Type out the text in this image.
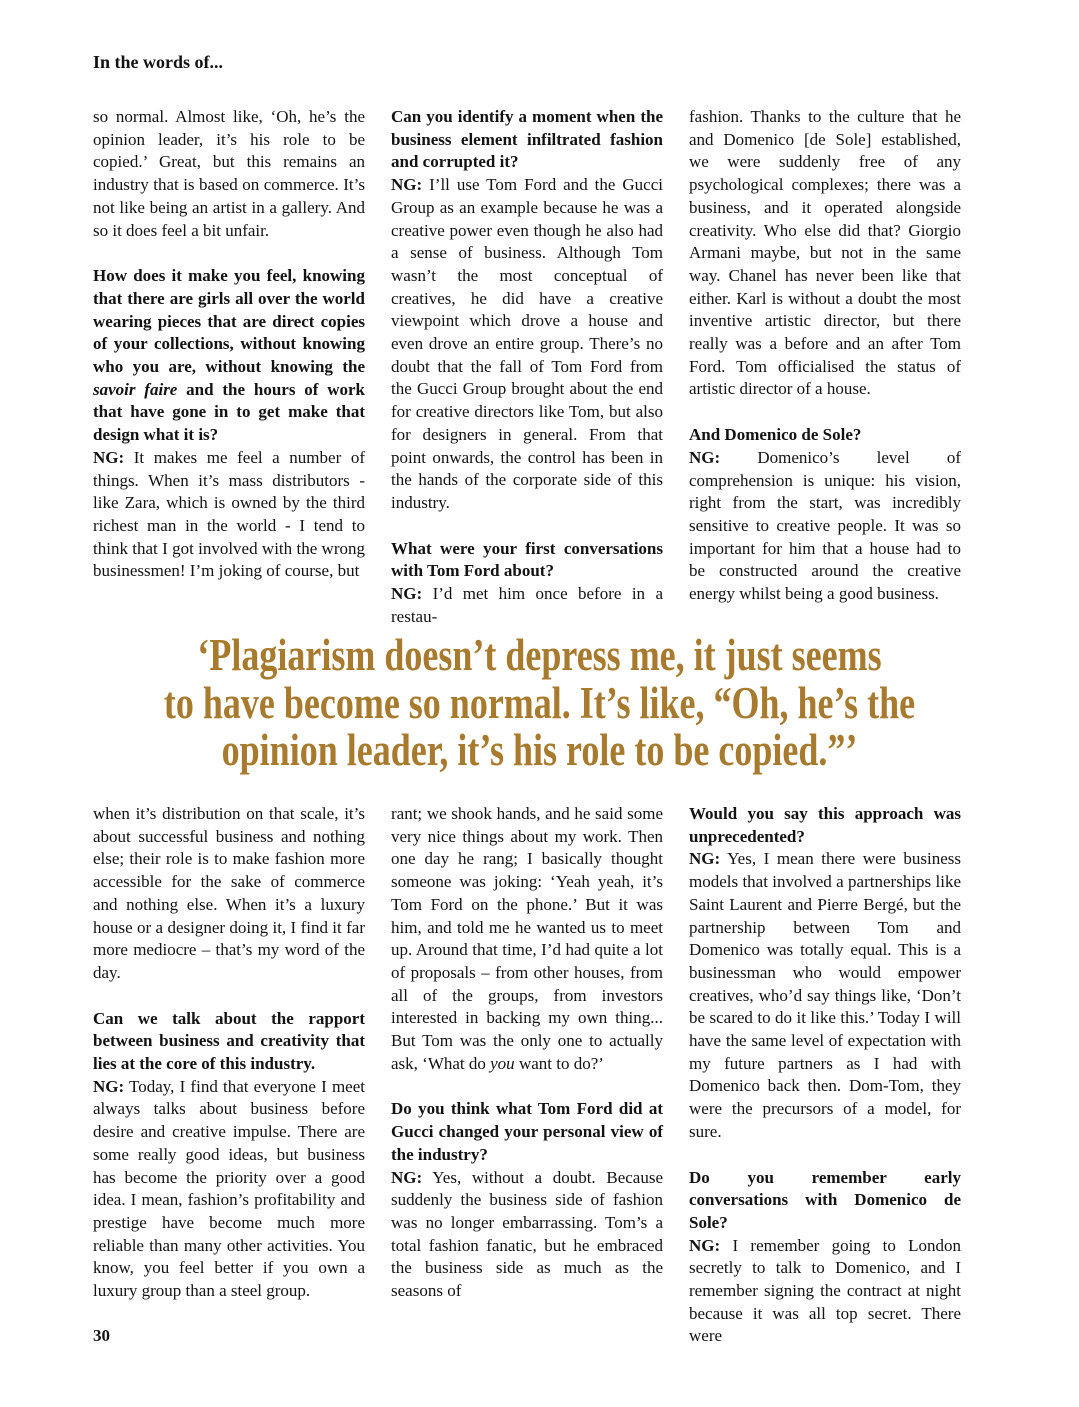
In the words of...

so normal. Almost like, ‘Oh, he’s the opinion leader, it’s his role to be copied.’ Great, but this remains an industry that is based on commerce. It’s not like being an artist in a gallery. And so it does feel a bit unfair.

How does it make you feel, knowing that there are girls all over the world wearing pieces that are direct copies of your collections, without knowing who you are, without knowing the savoir faire and the hours of work that have gone in to get make that design what it is?

NG: It makes me feel a number of things. When it’s mass distributors - like Zara, which is owned by the third richest man in the world - I tend to think that I got involved with the wrong businessmen! I’m joking of course, but

Can you identify a moment when the business element infiltrated fashion and corrupted it?

NG: I’ll use Tom Ford and the Gucci Group as an example because he was a creative power even though he also had a sense of business. Although Tom wasn’t the most conceptual of creatives, he did have a creative viewpoint which drove a house and even drove an entire group. There’s no doubt that the fall of Tom Ford from the Gucci Group brought about the end for creative directors like Tom, but also for designers in general. From that point onwards, the control has been in the hands of the corporate side of this industry.

What were your first conversations with Tom Ford about?

NG: I’d met him once before in a restau-

fashion. Thanks to the culture that he and Domenico [de Sole] established, we were suddenly free of any psychological complexes; there was a business, and it operated alongside creativity. Who else did that? Giorgio Armani maybe, but not in the same way. Chanel has never been like that either. Karl is without a doubt the most inventive artistic director, but there really was a before and an after Tom Ford. Tom officialised the status of artistic director of a house.

And Domenico de Sole?

NG: Domenico’s level of comprehension is unique: his vision, right from the start, was incredibly sensitive to creative people. It was so important for him that a house had to be constructed around the creative energy whilst being a good business.

‘Plagiarism doesn’t depress me, it just seems
to have become so normal. It’s like, “Oh, he’s the
opinion leader, it’s his role to be copied.”’

when it’s distribution on that scale, it’s about successful business and nothing else; their role is to make fashion more accessible for the sake of commerce and nothing else. When it’s a luxury house or a designer doing it, I find it far more mediocre – that’s my word of the day.

Can we talk about the rapport between business and creativity that lies at the core of this industry.

NG: Today, I find that everyone I meet always talks about business before desire and creative impulse. There are some really good ideas, but business has become the priority over a good idea. I mean, fashion’s profitability and prestige have become much more reliable than many other activities. You know, you feel better if you own a luxury group than a steel group.

rant; we shook hands, and he said some very nice things about my work. Then one day he rang; I basically thought someone was joking: ‘Yeah yeah, it’s Tom Ford on the phone.’ But it was him, and told me he wanted us to meet up. Around that time, I’d had quite a lot of proposals – from other houses, from all of the groups, from investors interested in backing my own thing... But Tom was the only one to actually ask, ‘What do you want to do?’

Do you think what Tom Ford did at Gucci changed your personal view of the industry?

NG: Yes, without a doubt. Because suddenly the business side of fashion was no longer embarrassing. Tom’s a total fashion fanatic, but he embraced the business side as much as the seasons of

Would you say this approach was unprecedented?

NG: Yes, I mean there were business models that involved a partnerships like Saint Laurent and Pierre Bergé, but the partnership between Tom and Domenico was totally equal. This is a businessman who would empower creatives, who’d say things like, ‘Don’t be scared to do it like this.’ Today I will have the same level of expectation with my future partners as I had with Domenico back then. Dom-Tom, they were the precursors of a model, for sure.

Do you remember early conversations with Domenico de Sole?

NG: I remember going to London secretly to talk to Domenico, and I remember signing the contract at night because it was all top secret. There were

30
